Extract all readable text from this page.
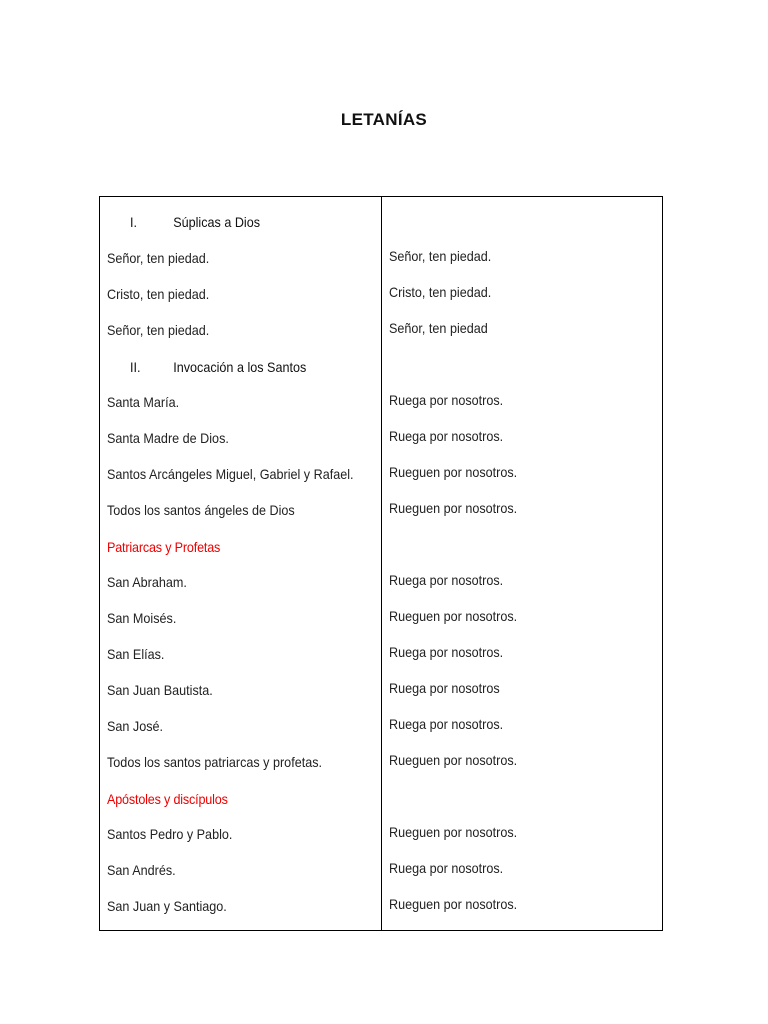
LETANÍAS
I.	Súplicas a Dios
Señor, ten piedad.	Señor, ten piedad.
Cristo, ten piedad.	Cristo, ten piedad.
Señor, ten piedad.	Señor, ten piedad
II. Invocación a los Santos
Santa María.	Ruega por nosotros.
Santa Madre de Dios.	Ruega por nosotros.
Santos Arcángeles Miguel, Gabriel y Rafael.	Rueguen por nosotros.
Todos los santos ángeles de Dios	Rueguen por nosotros.
Patriarcas y Profetas
San Abraham.	Ruega por nosotros.
San Moisés.	Rueguen por nosotros.
San Elías.	Ruega por nosotros.
San Juan Bautista.	Ruega por nosotros
San José.	Ruega por nosotros.
Todos los santos patriarcas y profetas.	Rueguen por nosotros.
Apóstoles y discípulos
Santos Pedro y Pablo.	Rueguen por nosotros.
San Andrés.	Ruega por nosotros.
San Juan y Santiago.	Rueguen por nosotros.
